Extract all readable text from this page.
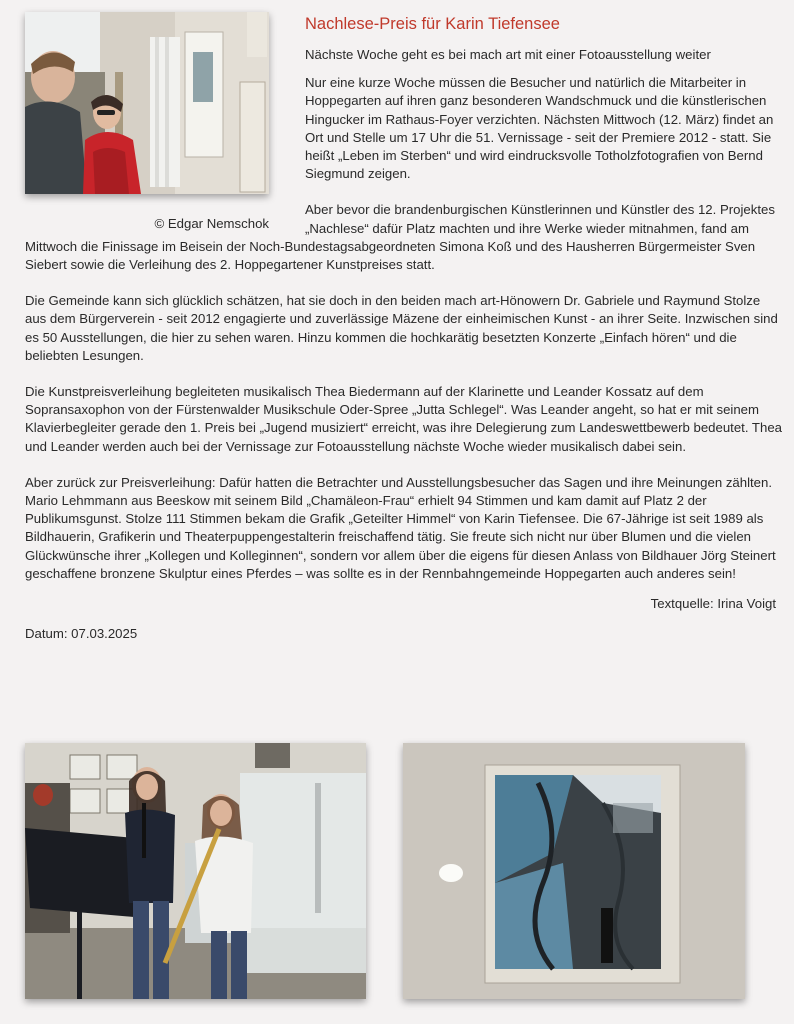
© Edgar Nemschok
Nachlese-Preis für Karin Tiefensee

Nächste Woche geht es bei mach art mit einer Fotoausstellung weiter

Nur eine kurze Woche müssen die Besucher und natürlich die Mitarbeiter in Hoppegarten auf ihren ganz besonderen Wandschmuck und die künstlerischen Hingucker im Rathaus-Foyer verzichten. Nächsten Mittwoch (12. März) findet an Ort und Stelle um 17 Uhr die 51. Vernissage - seit der Premiere 2012 - statt. Sie heißt „Leben im Sterben“ und wird eindrucksvolle Totholzfotografien von Bernd Siegmund zeigen.

Aber bevor die brandenburgischen Künstlerinnen und Künstler des 12. Projektes „Nachlese“ dafür Platz machten und ihre Werke wieder mitnahmen, fand am Mittwoch die Finissage im Beisein der Noch-Bundestagsabgeordneten Simona Koß und des Hausherren Bürgermeister Sven Siebert sowie die Verleihung des 2. Hoppegartener Kunstpreises statt.

Die Gemeinde kann sich glücklich schätzen, hat sie doch in den beiden mach art-Hönowern Dr. Gabriele und Raymund Stolze aus dem Bürgerverein - seit 2012 engagierte und zuverlässige Mäzene der einheimischen Kunst - an ihrer Seite. Inzwischen sind es 50 Ausstellungen, die hier zu sehen waren. Hinzu kommen die hochkarätig besetzten Konzerte „Einfach hören“ und die beliebten Lesungen.

Die Kunstpreisverleihung begleiteten musikalisch Thea Biedermann auf der Klarinette und Leander Kossatz auf dem Sopransaxophon von der Fürstenwalder Musikschule Oder-Spree „Jutta Schlegel“. Was Leander angeht, so hat er mit seinem Klavierbegleiter gerade den 1. Preis bei „Jugend musiziert“ erreicht, was ihre Delegierung zum Landeswettbewerb bedeutet. Thea und Leander werden auch bei der Vernissage zur Fotoausstellung nächste Woche wieder musikalisch dabei sein.

Aber zurück zur Preisverleihung: Dafür hatten die Betrachter und Ausstellungsbesucher das Sagen und ihre Meinungen zählten. Mario Lehmmann aus Beeskow mit seinem Bild „Chamäleon-Frau“ erhielt 94 Stimmen und kam damit auf Platz 2 der Publikumsgunst. Stolze 111 Stimmen bekam die Grafik „Geteilter Himmel“ von Karin Tiefensee. Die 67-Jährige ist seit 1989 als Bildhauerin, Grafikerin und Theaterpuppengestalterin freischaffend tätig. Sie freute sich nicht nur über Blumen und die vielen Glückwünsche ihrer „Kollegen und Kolleginnen“, sondern vor allem über die eigens für diesen Anlass von Bildhauer Jörg Steinert geschaffene bronzene Skulptur eines Pferdes – was sollte es in der Rennbahngemeinde Hoppegarten auch anderes sein!

Textquelle: Irina Voigt
Datum: 07.03.2025
